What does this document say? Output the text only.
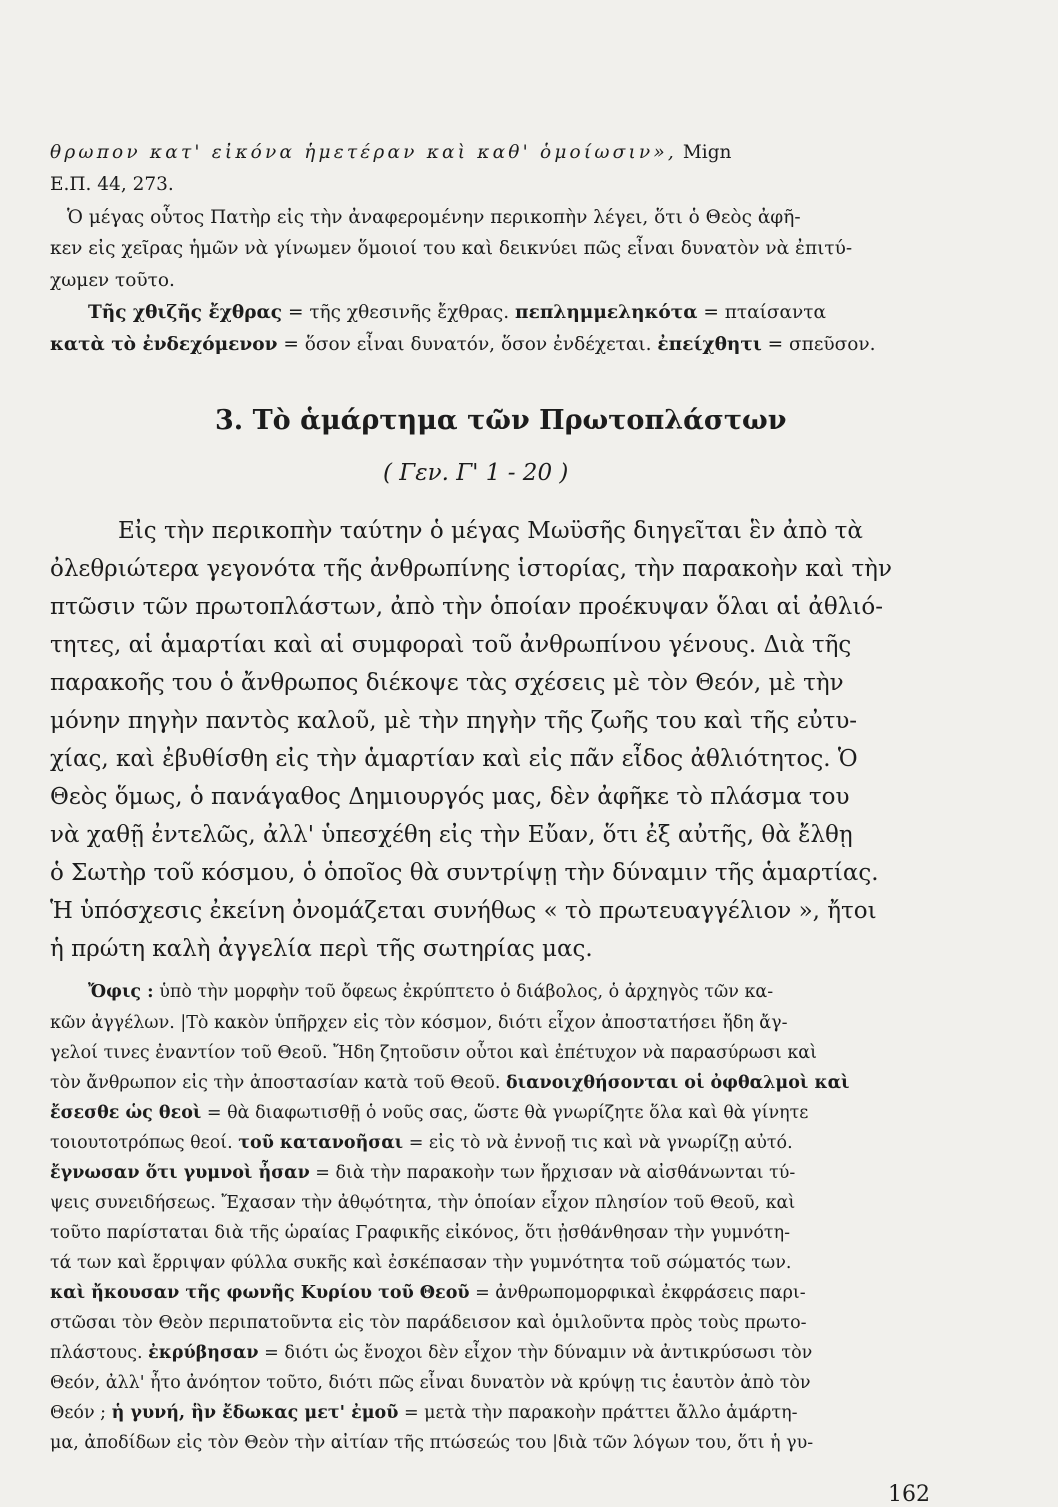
θρωπον κατ' εἰκόνα ἡμετέραν καὶ καθ' ὁμοίωσιν», Mign
Ε.Π. 44, 273.
Ὁ μέγας οὗτος Πατὴρ εἰς τὴν ἀναφερομένην περικοπὴν λέγει, ὅτι ὁ Θεὸς ἀφῆ-
κεν εἰς χεῖρας ἡμῶν νὰ γίνωμεν ὅμοιοί του καὶ δεικνύει πῶς εἶναι δυνατὸν νὰ ἐπιτύ-
χωμεν τοῦτο.
Τῆς χθιζῆς ἔχθρας = τῆς χθεσινῆς ἔχθρας. πεπλημμεληκότα = πταίσαντα
κατὰ τὸ ἐνδεχόμενον = ὅσον εἶναι δυνατόν, ὅσον ἐνδέχεται. ἐπείχθητι = σπεῦσον.
3. Τὸ ἁμάρτημα τῶν Πρωτοπλάστων
( Γεν. Γ' 1 - 20 )
Εἰς τὴν περικοπὴν ταύτην ὁ μέγας Μωϋσῆς διηγεῖται ἓν ἀπὸ τὰ
ὀλεθριώτερα γεγονότα τῆς ἀνθρωπίνης ἱστορίας, τὴν παρακοὴν καὶ τὴν
πτῶσιν τῶν πρωτοπλάστων, ἀπὸ τὴν ὁποίαν προέκυψαν ὅλαι αἱ ἀθλιό-
τητες, αἱ ἁμαρτίαι καὶ αἱ συμφοραὶ τοῦ ἀνθρωπίνου γένους. Διὰ τῆς
παρακοῆς του ὁ ἄνθρωπος διέκοψε τὰς σχέσεις μὲ τὸν Θεόν, μὲ τὴν
μόνην πηγὴν παντὸς καλοῦ, μὲ τὴν πηγὴν τῆς ζωῆς του καὶ τῆς εὐτυ-
χίας, καὶ ἐβυθίσθη εἰς τὴν ἁμαρτίαν καὶ εἰς πᾶν εἶδος ἀθλιότητος. Ὁ
Θεὸς ὅμως, ὁ πανάγαθος Δημιουργός μας, δὲν ἀφῆκε τὸ πλάσμα του
νὰ χαθῇ ἐντελῶς, ἀλλ' ὑπεσχέθη εἰς τὴν Εὔαν, ὅτι ἐξ αὐτῆς, θὰ ἔλθῃ
ὁ Σωτὴρ τοῦ κόσμου, ὁ ὁποῖος θὰ συντρίψῃ τὴν δύναμιν τῆς ἁμαρτίας.
Ἡ ὑπόσχεσις ἐκείνη ὀνομάζεται συνήθως « τὸ πρωτευαγγέλιον », ἤτοι
ἡ πρώτη καλὴ ἀγγελία περὶ τῆς σωτηρίας μας.
Ὄφις : ὑπὸ τὴν μορφὴν τοῦ ὄφεως ἐκρύπτετο ὁ διάβολος, ὁ ἀρχηγὸς τῶν κα-
κῶν ἀγγέλων. |Τὸ κακὸν ὑπῆρχεν εἰς τὸν κόσμον, διότι εἶχον ἀποστατήσει ἤδη ἄγ-
γελοί τινες ἐναντίον τοῦ Θεοῦ. Ἤδη ζητοῦσιν οὗτοι καὶ ἐπέτυχον νὰ παρασύρωσι καὶ
τὸν ἄνθρωπον εἰς τὴν ἀποστασίαν κατὰ τοῦ Θεοῦ. διανοιχθήσονται οἱ ὀφθαλμοὶ καὶ
ἔσεσθε ὡς θεοὶ = θὰ διαφωτισθῇ ὁ νοῦς σας, ὥστε θὰ γνωρίζητε ὅλα καὶ θὰ γίνητε
τοιουτοτρόπως θεοί. τοῦ κατανοῆσαι = εἰς τὸ νὰ ἐννοῇ τις καὶ νὰ γνωρίζῃ αὐτό.
ἔγνωσαν ὅτι γυμνοὶ ἦσαν = διὰ τὴν παρακοὴν των ἤρχισαν νὰ αἰσθάνωνται τύ-
ψεις συνειδήσεως. Ἔχασαν τὴν ἀθῳότητα, τὴν ὁποίαν εἶχον πλησίον τοῦ Θεοῦ, καὶ
τοῦτο παρίσταται διὰ τῆς ὡραίας Γραφικῆς εἰκόνος, ὅτι ᾐσθάνθησαν τὴν γυμνότη-
τά των καὶ ἔρριψαν φύλλα συκῆς καὶ ἐσκέπασαν τὴν γυμνότητα τοῦ σώματός των.
καὶ ἤκουσαν τῆς φωνῆς Κυρίου τοῦ Θεοῦ = ἀνθρωπομορφικαὶ ἐκφράσεις παρι-
στῶσαι τὸν Θεὸν περιπατοῦντα εἰς τὸν παράδεισον καὶ ὁμιλοῦντα πρὸς τοὺς πρωτο-
πλάστους. ἐκρύβησαν = διότι ὡς ἔνοχοι δὲν εἶχον τὴν δύναμιν νὰ ἀντικρύσωσι τὸν
Θεόν, ἀλλ' ἦτο ἀνόητον τοῦτο, διότι πῶς εἶναι δυνατὸν νὰ κρύψῃ τις ἑαυτὸν ἀπὸ τὸν
Θεόν ; ἡ γυνή, ἣν ἔδωκας μετ' ἐμοῦ = μετὰ τὴν παρακοὴν πράττει ἄλλο ἁμάρτη-
μα, ἀποδίδων εἰς τὸν Θεὸν τὴν αἰτίαν τῆς πτώσεώς του |διὰ τῶν λόγων του, ὅτι ἡ γυ-
162
